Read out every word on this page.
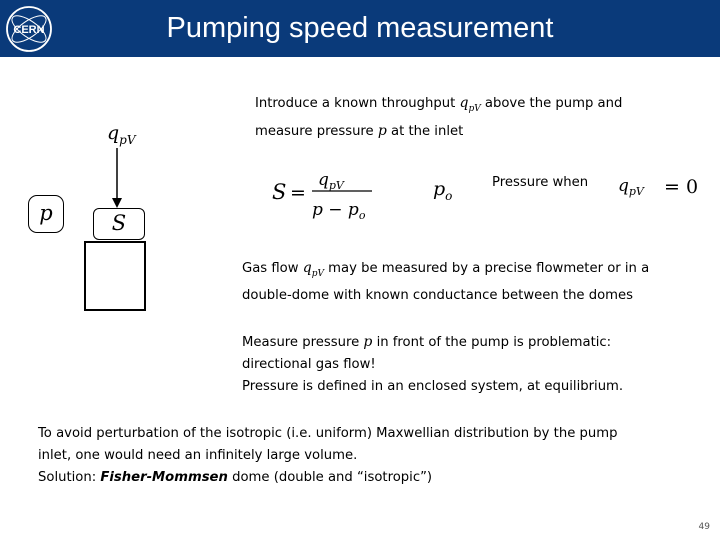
CERN	Pumping speed measurement
$q_{pV}$
p	S
Introduce a known throughput $q_{pV}$ above the pump and
measure pressure p at the inlet
S =
$q_{pV}$
$p - p_o$
$p_o$	$q_{pV} = 0$
Pressure when
Gas flow $q_{pV}$ may be measured by a precise flowmeter or in a
double-dome with known conductance between the domes
Measure pressure p in front of the pump is problematic:
directional gas flow!
Pressure is defined in an enclosed system, at equilibrium.
To avoid perturbation of the isotropic (i.e. uniform) Maxwellian distribution by the pump
inlet, one would need an infinitely large volume.
Solution: Fisher-Mommsen dome (double and “isotropic”)
49
